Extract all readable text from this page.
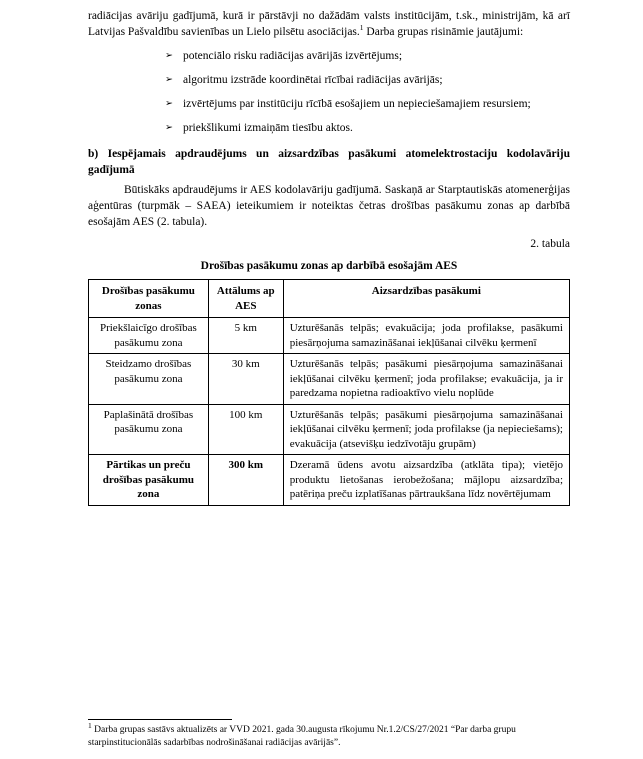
radiācijas avāriju gadījumā, kurā ir pārstāvji no dažādām valsts institūcijām, t.sk., ministrijām, kā arī Latvijas Pašvaldību savienības un Lielo pilsētu asociācijas.$^1$ Darba grupas risināmie jautājumi:

➢ potenciālo risku radiācijas avārijās izvērtējums;
➢ algoritmu izstrāde koordinētai rīcībai radiācijas avārijās;
➢ izvērtējums par institūciju rīcībā esošajiem un nepieciešamajiem resursiem;
➢ priekšlikumi izmaiņām tiesību aktos.

b) Iespējamais apdraudējums un aizsardzības pasākumi atomelektrostaciju kodolavāriju gadījumā

Būtiskāks apdraudējums ir AES kodolavāriju gadījumā. Saskaņā ar Starptautiskās atomenerģijas aģentūras (turpmāk – SAEA) ieteikumiem ir noteiktas četras drošības pasākumu zonas ap darbībā esošajām AES (2. tabula).

2. tabula

Drošības pasākumu zonas ap darbībā esošajām AES

Drošības pasākumu zonas	Attālums ap AES	Aizsardzības pasākumi
Priekšlaicīgo drošības pasākumu zona	5 km	Uzturēšanās telpās; evakuācija; joda profilakse, pasākumi piesārņojuma samazināšanai iekļūšanai cilvēku ķermenī
Steidzamo drošības pasākumu zona	30 km	Uzturēšanās telpās; pasākumi piesārņojuma samazināšanai iekļūšanai cilvēku ķermenī; joda profilakse; evakuācija, ja ir paredzama nopietna radioaktīvo vielu noplūde
Paplašinātā drošības pasākumu zona	100 km	Uzturēšanās telpās; pasākumi piesārņojuma samazināšanai iekļūšanai cilvēku ķermenī; joda profilakse (ja nepieciešams); evakuācija (atsevišķu iedzīvotāju grupām)
Pārtikas un preču drošības pasākumu zona	300 km	Dzeramā ūdens avotu aizsardzība (atklāta tipa); vietējo produktu lietošanas ierobežošana; mājlopu aizsardzība; patēriņa preču izplatīšanas pārtraukšana līdz novērtējumam

$^1$ Darba grupas sastāvs aktualizēts ar VVD 2021. gada 30.augusta rīkojumu Nr.1.2/CS/27/2021 “Par darba grupu starpinstitucionālās sadarbības nodrošināšanai radiācijas avārijās”.
